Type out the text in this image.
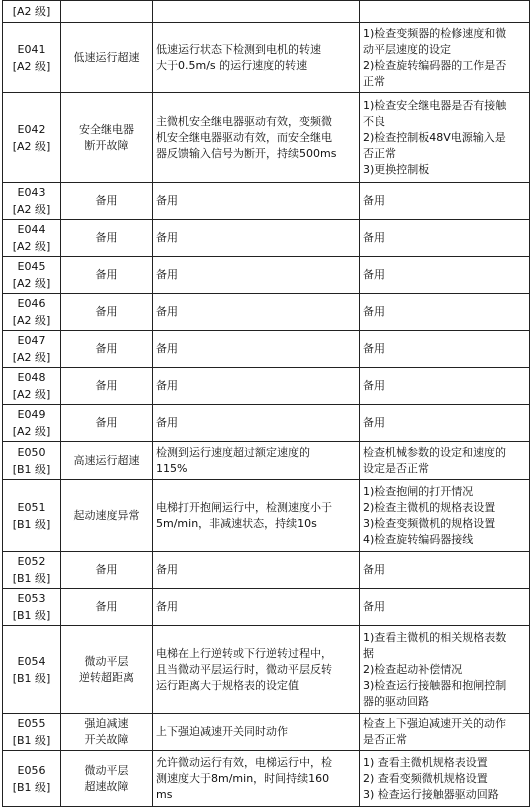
[A2 级]			

E041
[A2 级]	低速运行超速	低速运行状态下检测到电机的转速
大于0.5m/s 的运行速度的转速	1)检查变频器的检修速度和微
动平层速度的设定
2)检查旋转编码器的工作是否
正常

E042
[A2 级]	安全继电器
断开故障	主微机安全继电器驱动有效，变频微
机安全继电器驱动有效，而安全继电
器反馈输入信号为断开，持续500ms	1)检查安全继电器是否有接触
不良
2)检查控制板48V电源输入是
否正常
3)更换控制板

E043
[A2 级]	备用	备用	备用

E044
[A2 级]	备用	备用	备用

E045
[A2 级]	备用	备用	备用

E046
[A2 级]	备用	备用	备用

E047
[A2 级]	备用	备用	备用

E048
[A2 级]	备用	备用	备用

E049
[A2 级]	备用	备用	备用

E050
[B1 级]	高速运行超速	检测到运行速度超过额定速度的
115%	检查机械参数的设定和速度的
设定是否正常

E051
[B1 级]	起动速度异常	电梯打开抱闸运行中，检测速度小于
5m/min，非减速状态，持续10s	1)检查抱闸的打开情况
2)检查主微机的规格表设置
3)检查变频微机的规格设置
4)检查旋转编码器接线

E052
[B1 级]	备用	备用	备用

E053
[B1 级]	备用	备用	备用

E054
[B1 级]	微动平层
逆转超距离	电梯在上行逆转或下行逆转过程中，
且当微动平层运行时，微动平层反转
运行距离大于规格表的设定值	1)查看主微机的相关规格表数
据
2)检查起动补偿情况
3)检查运行接触器和抱闸控制
器的驱动回路

E055
[B1 级]	强迫减速
开关故障	上下强迫减速开关同时动作	检查上下强迫减速开关的动作
是否正常

E056
[B1 级]	微动平层
超速故障	允许微动运行有效，电梯运行中，检
测速度大于8m/min，时间持续160
ms	1) 查看主微机规格表设置
2) 查看变频微机规格设置
3) 检查运行接触器驱动回路
